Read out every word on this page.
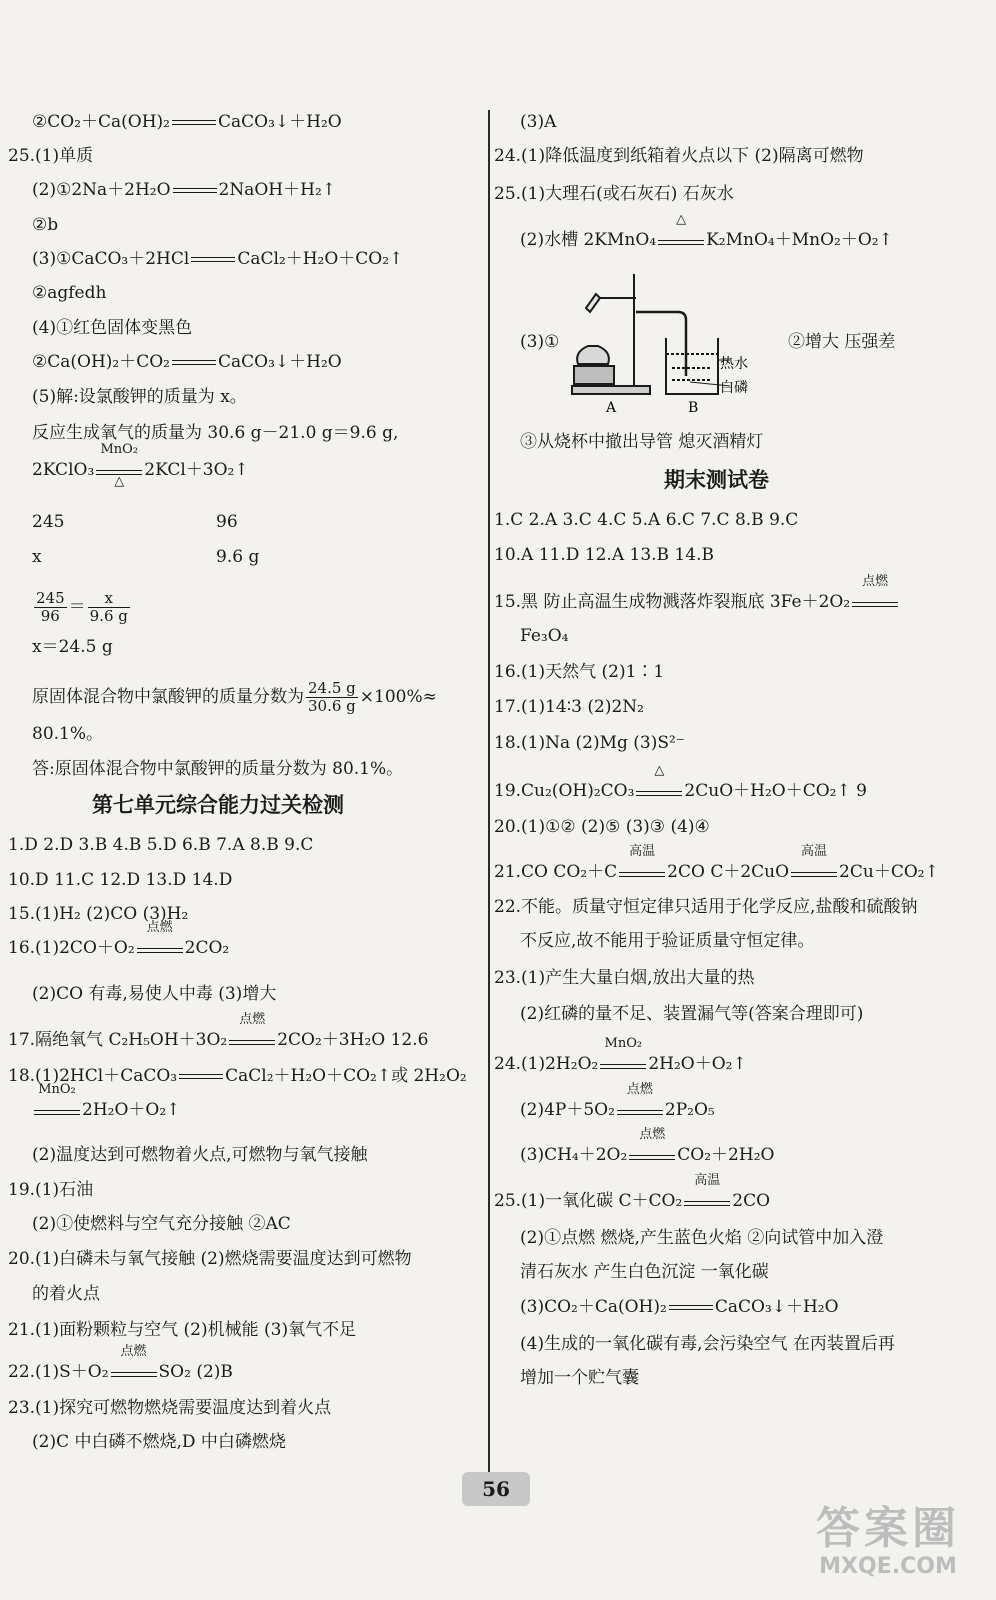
②CO₂＋Ca(OH)₂	CaCO₃↓＋H₂O
25.(1)单质
(2)①2Na＋2H₂O	2NaOH＋H₂↑
②b
(3)①CaCO₃＋2HCl	CaCl₂＋H₂O＋CO₂↑
②agfedh
(4)①红色固体变黑色
②Ca(OH)₂＋CO₂	CaCO₃↓＋H₂O
(5)解:设氯酸钾的质量为 x。
反应生成氧气的质量为 30.6 g－21.0 g＝9.6 g,
2KClO₃
MnO₂
△
2KCl＋3O₂↑
245	96
x	9.6 g
$\frac{245}{96} = \frac{x}{9.6 g}$
x＝24.5 g
原固体混合物中氯酸钾的质量分数为 $\frac{24.5 g}{30.6 g} \times 100\%\approx$
80.1%。
答:原固体混合物中氯酸钾的质量分数为 80.1%。
第七单元综合能力过关检测
1.D 2.D 3.B 4.B 5.D 6.B 7.A 8.B 9.C
10.D 11.C 12.D 13.D 14.D
15.(1)H₂ (2)CO (3)H₂
16.(1)2CO＋O₂
点燃
2CO₂
(2)CO 有毒,易使人中毒 (3)增大
17.隔绝氧气 C₂H₅OH＋3O₂
点燃
2CO₂＋3H₂O 12.6
18.(1)2HCl＋CaCO₃	CaCl₂＋H₂O＋CO₂↑或 2H₂O₂
MnO₂
2H₂O＋O₂↑
(2)温度达到可燃物着火点,可燃物与氧气接触
19.(1)石油
(2)①使燃料与空气充分接触 ②AC
20.(1)白磷未与氧气接触 (2)燃烧需要温度达到可燃物
的着火点
21.(1)面粉颗粒与空气 (2)机械能 (3)氧气不足
22.(1)S＋O₂
点燃
SO₂ (2)B
23.(1)探究可燃物燃烧需要温度达到着火点
(2)C 中白磷不燃烧,D 中白磷燃烧
(3)A
24.(1)降低温度到纸箱着火点以下 (2)隔离可燃物
25.(1)大理石(或石灰石) 石灰水
(2)水槽 2KMnO₄
△
K₂MnO₄＋MnO₂＋O₂↑
(3)①	②增大 压强差
③从烧杯中撤出导管 熄灭酒精灯
期末测试卷
1.C 2.A 3.C 4.C 5.A 6.C 7.C 8.B 9.C
10.A 11.D 12.A 13.B 14.B
15.黑 防止高温生成物溅落炸裂瓶底 3Fe＋2O₂
点燃
Fe₃O₄
16.(1)天然气 (2)1∶1
17.(1)14∶3 (2)2N₂
18.(1)Na (2)Mg (3)S²⁻
19.Cu₂(OH)₂CO₃
△
2CuO＋H₂O＋CO₂↑ 9
20.(1)①② (2)⑤ (3)③ (4)④
21.CO CO₂＋C
高温
2CO C＋2CuO
高温
2Cu＋CO₂↑
22.不能。质量守恒定律只适用于化学反应,盐酸和硫酸钠
不反应,故不能用于验证质量守恒定律。
23.(1)产生大量白烟,放出大量的热
(2)红磷的量不足、装置漏气等(答案合理即可)
24.(1)2H₂O₂
MnO₂
2H₂O＋O₂↑
(2)4P＋5O₂
点燃
2P₂O₅
(3)CH₄＋2O₂
点燃
CO₂＋2H₂O
25.(1)一氧化碳 C＋CO₂
高温
2CO
(2)①点燃 燃烧,产生蓝色火焰 ②向试管中加入澄
清石灰水 产生白色沉淀 一氧化碳
(3)CO₂＋Ca(OH)₂	CaCO₃↓＋H₂O
(4)生成的一氧化碳有毒,会污染空气 在丙装置后再
增加一个贮气囊
A	B
热水
白磷
56
答案圈
MXQE.COM
